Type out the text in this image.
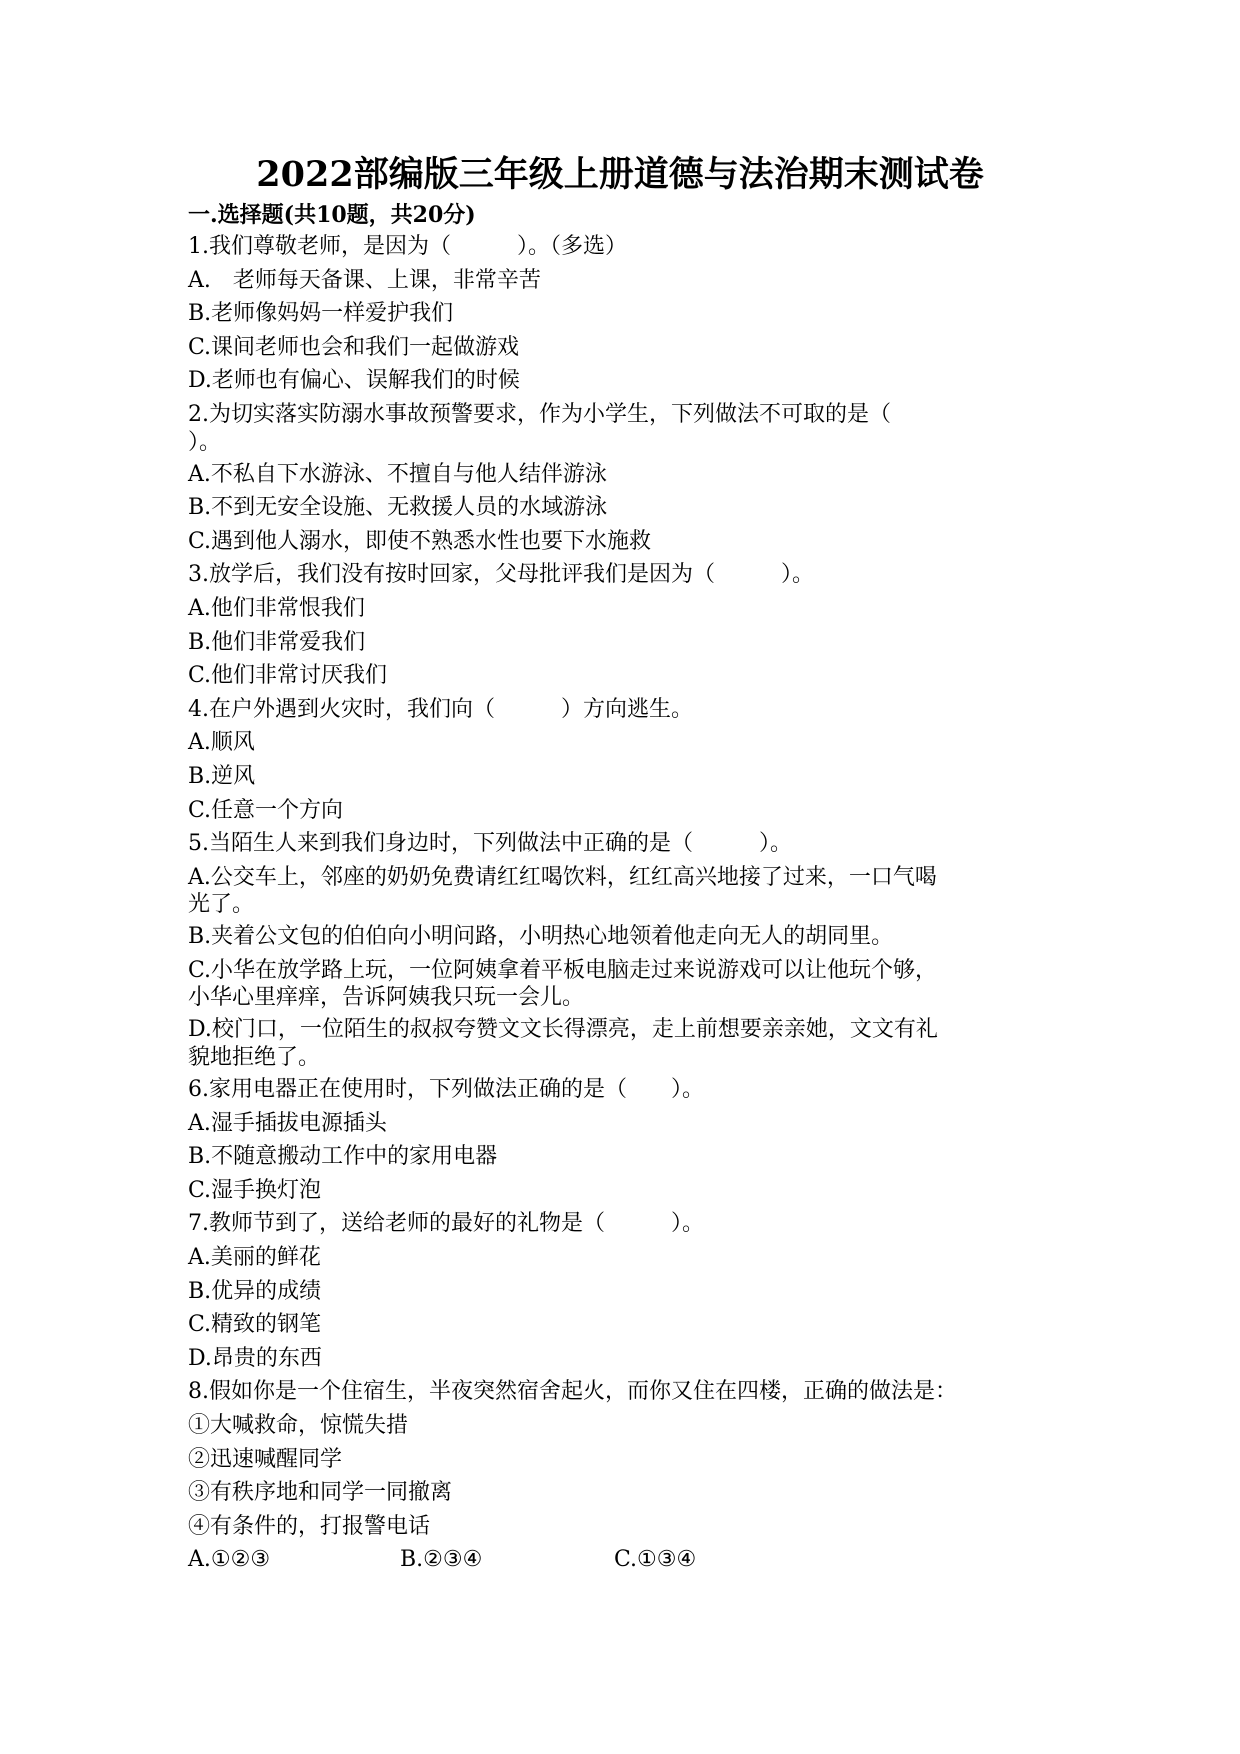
2022部编版三年级上册道德与法治期末测试卷
一.选择题(共10题，共20分)
1.我们尊敬老师，是因为（　　　）。（多选）
A.　老师每天备课、上课，非常辛苦
B.老师像妈妈一样爱护我们
C.课间老师也会和我们一起做游戏
D.老师也有偏心、误解我们的时候
2.为切实落实防溺水事故预警要求，作为小学生，下列做法不可取的是（
）。
A.不私自下水游泳、不擅自与他人结伴游泳
B.不到无安全设施、无救援人员的水域游泳
C.遇到他人溺水，即使不熟悉水性也要下水施救
3.放学后，我们没有按时回家，父母批评我们是因为（　　　）。
A.他们非常恨我们
B.他们非常爱我们
C.他们非常讨厌我们
4.在户外遇到火灾时，我们向（　　　）方向逃生。
A.顺风
B.逆风
C.任意一个方向
5.当陌生人来到我们身边时，下列做法中正确的是（　　　）。
A.公交车上，邻座的奶奶免费请红红喝饮料，红红高兴地接了过来，一口气喝
光了。
B.夹着公文包的伯伯向小明问路，小明热心地领着他走向无人的胡同里。
C.小华在放学路上玩，一位阿姨拿着平板电脑走过来说游戏可以让他玩个够，
小华心里痒痒，告诉阿姨我只玩一会儿。
D.校门口，一位陌生的叔叔夸赞文文长得漂亮，走上前想要亲亲她，文文有礼
貌地拒绝了。
6.家用电器正在使用时，下列做法正确的是（　　）。
A.湿手插拔电源插头
B.不随意搬动工作中的家用电器
C.湿手换灯泡
7.教师节到了，送给老师的最好的礼物是（　　　）。
A.美丽的鲜花
B.优异的成绩
C.精致的钢笔
D.昂贵的东西
8.假如你是一个住宿生，半夜突然宿舍起火，而你又住在四楼，正确的做法是：
①大喊救命，惊慌失措
②迅速喊醒同学
③有秩序地和同学一同撤离
④有条件的，打报警电话
A.①②③	B.②③④	C.①③④
